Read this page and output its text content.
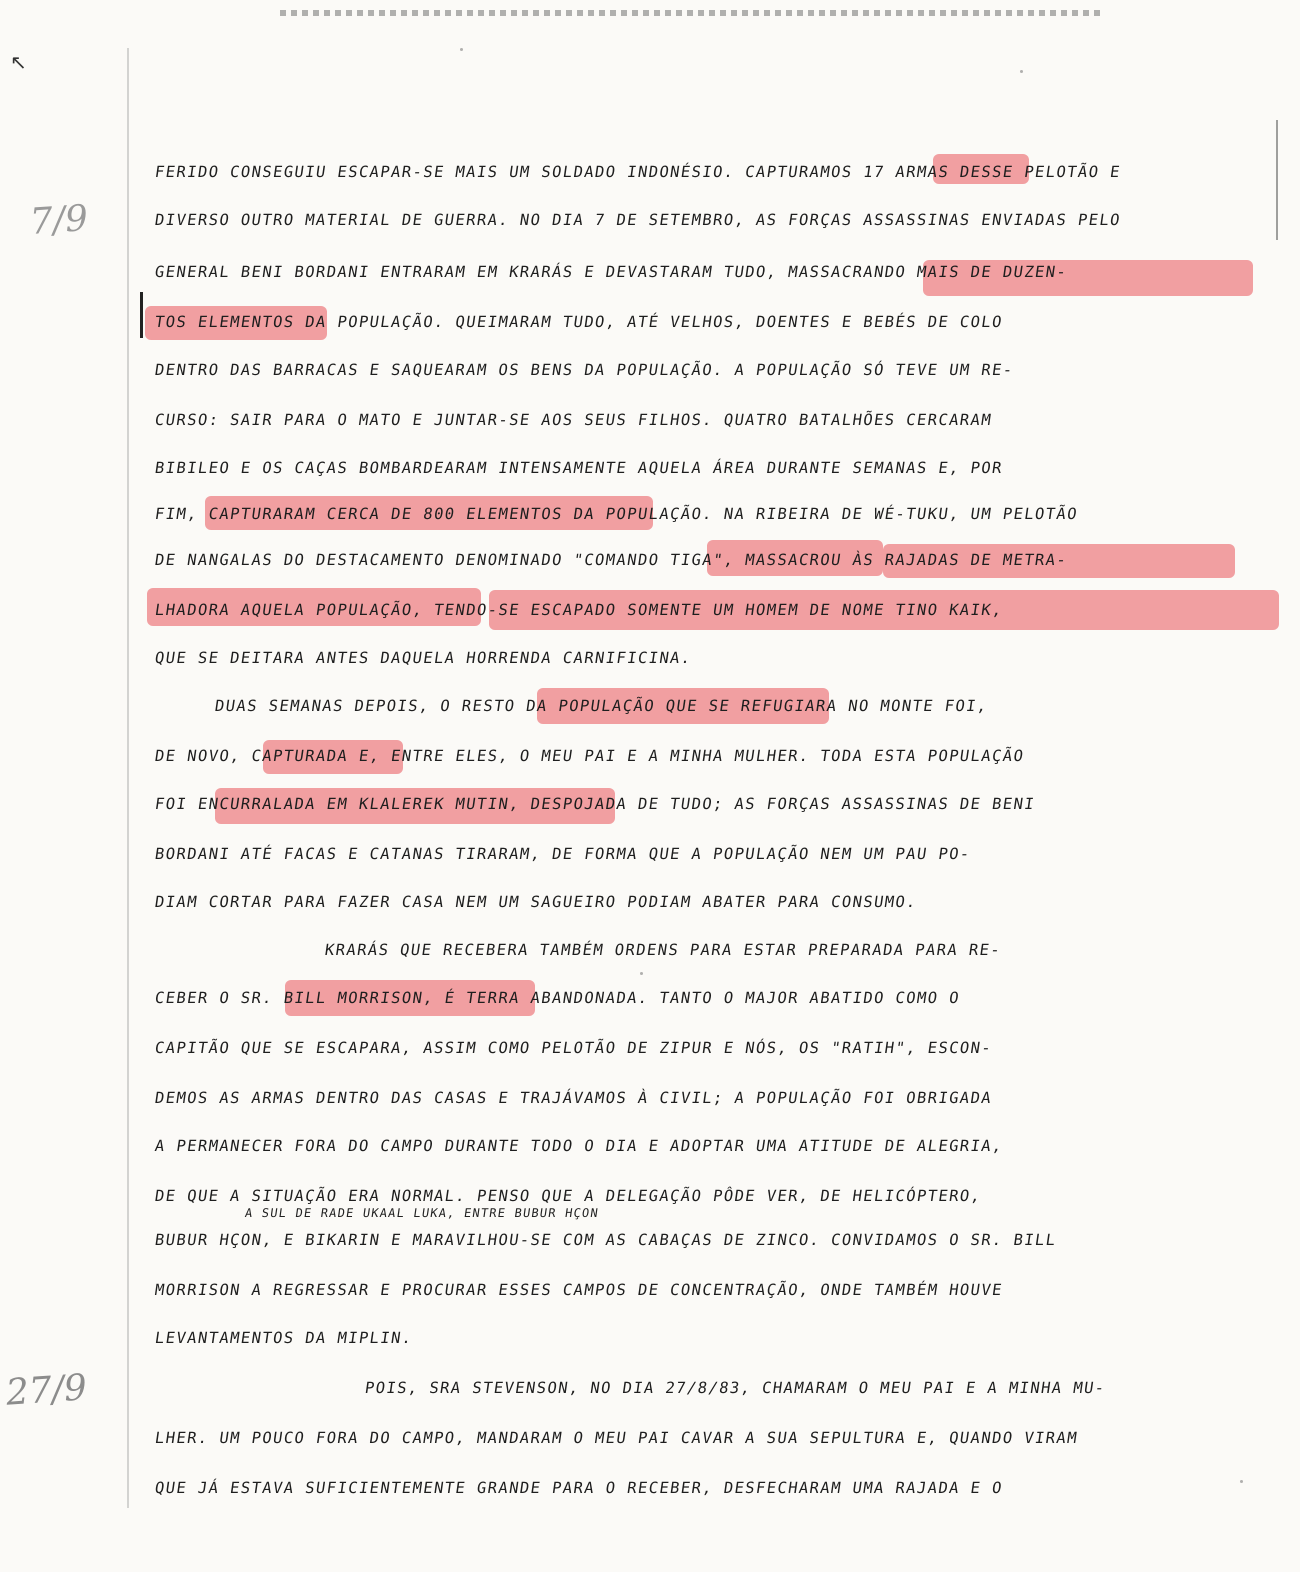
↖
7/9
27/9
FERIDO CONSEGUIU ESCAPAR-SE MAIS UM SOLDADO INDONÉSIO. CAPTURAMOS 17 ARMAS DESSE PELOTÃO E
DIVERSO OUTRO MATERIAL DE GUERRA. NO DIA 7 DE SETEMBRO, AS FORÇAS ASSASSINAS ENVIADAS PELO
GENERAL BENI BORDANI ENTRARAM EM KRARÁS E DEVASTARAM TUDO, MASSACRANDO MAIS DE DUZEN-
TOS ELEMENTOS DA POPULAÇÃO. QUEIMARAM TUDO, ATÉ VELHOS, DOENTES E BEBÉS DE COLO
DENTRO DAS BARRACAS E SAQUEARAM OS BENS DA POPULAÇÃO. A POPULAÇÃO SÓ TEVE UM RE-
CURSO: SAIR PARA O MATO E JUNTAR-SE AOS SEUS FILHOS. QUATRO BATALHÕES CERCARAM
BIBILEO E OS CAÇAS BOMBARDEARAM INTENSAMENTE AQUELA ÁREA DURANTE SEMANAS E, POR
FIM, CAPTURARAM CERCA DE 800 ELEMENTOS DA POPULAÇÃO. NA RIBEIRA DE WÉ-TUKU, UM PELOTÃO
DE NANGALAS DO DESTACAMENTO DENOMINADO "COMANDO TIGA", MASSACROU ÀS RAJADAS DE METRA-
LHADORA AQUELA POPULAÇÃO, TENDO-SE ESCAPADO SOMENTE UM HOMEM DE NOME TINO KAIK,
QUE SE DEITARA ANTES DAQUELA HORRENDA CARNIFICINA.
DUAS SEMANAS DEPOIS, O RESTO DA POPULAÇÃO QUE SE REFUGIARA NO MONTE FOI,
DE NOVO, CAPTURADA E, ENTRE ELES, O MEU PAI E A MINHA MULHER. TODA ESTA POPULAÇÃO
FOI ENCURRALADA EM KLALEREK MUTIN, DESPOJADA DE TUDO; AS FORÇAS ASSASSINAS DE BENI
BORDANI ATÉ FACAS E CATANAS TIRARAM, DE FORMA QUE A POPULAÇÃO NEM UM PAU PO-
DIAM CORTAR PARA FAZER CASA NEM UM SAGUEIRO PODIAM ABATER PARA CONSUMO.
KRARÁS QUE RECEBERA TAMBÉM ORDENS PARA ESTAR PREPARADA PARA RE-
CEBER O SR. BILL MORRISON, É TERRA ABANDONADA. TANTO O MAJOR ABATIDO COMO O
CAPITÃO QUE SE ESCAPARA, ASSIM COMO PELOTÃO DE ZIPUR E NÓS, OS "RATIH", ESCON-
DEMOS AS ARMAS DENTRO DAS CASAS E TRAJÁVAMOS À CIVIL; A POPULAÇÃO FOI OBRIGADA
A PERMANECER FORA DO CAMPO DURANTE TODO O DIA E ADOPTAR UMA ATITUDE DE ALEGRIA,
DE QUE A SITUAÇÃO ERA NORMAL. PENSO QUE A DELEGAÇÃO PÔDE VER, DE HELICÓPTERO,
A SUL DE RADE UKAAL LUKA, ENTRE BUBUR HÇON
BUBUR HÇON, E BIKARIN E MARAVILHOU-SE COM AS CABAÇAS DE ZINCO. CONVIDAMOS O SR. BILL
MORRISON A REGRESSAR E PROCURAR ESSES CAMPOS DE CONCENTRAÇÃO, ONDE TAMBÉM HOUVE
LEVANTAMENTOS DA MIPLIN.
POIS, SRA STEVENSON, NO DIA 27/8/83, CHAMARAM O MEU PAI E A MINHA MU-
LHER. UM POUCO FORA DO CAMPO, MANDARAM O MEU PAI CAVAR A SUA SEPULTURA E, QUANDO VIRAM
QUE JÁ ESTAVA SUFICIENTEMENTE GRANDE PARA O RECEBER, DESFECHARAM UMA RAJADA E O
